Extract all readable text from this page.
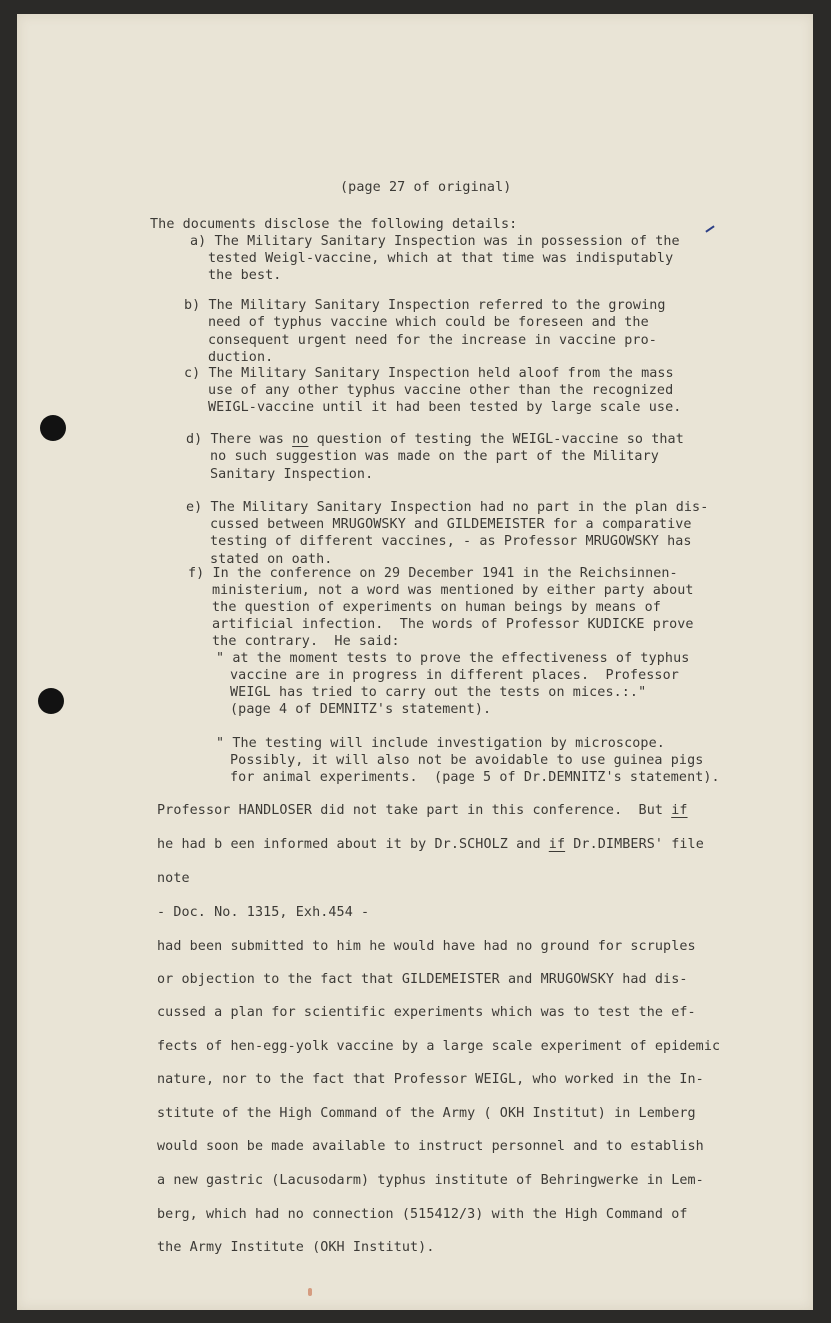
(page 27 of original)
The documents disclose the following details:
a) The Military Sanitary Inspection was in possession of the
tested Weigl-vaccine, which at that time was indisputably
the best.
b) The Military Sanitary Inspection referred to the growing
need of typhus vaccine which could be foreseen and the
consequent urgent need for the increase in vaccine pro-
duction.
c) The Military Sanitary Inspection held aloof from the mass
use of any other typhus vaccine other than the recognized
WEIGL-vaccine until it had been tested by large scale use.
d) There was no question of testing the WEIGL-vaccine so that
no such suggestion was made on the part of the Military
Sanitary Inspection.
e) The Military Sanitary Inspection had no part in the plan dis-
cussed between MRUGOWSKY and GILDEMEISTER for a comparative
testing of different vaccines, - as Professor MRUGOWSKY has
stated on oath.
f) In the conference on 29 December 1941 in the Reichsinnen-
ministerium, not a word was mentioned by either party about
the question of experiments on human beings by means of
artificial infection.  The words of Professor KUDICKE prove
the contrary.  He said:
" at the moment tests to prove the effectiveness of typhus
vaccine are in progress in different places.  Professor
WEIGL has tried to carry out the tests on mices.:."
(page 4 of DEMNITZ's statement).
" The testing will include investigation by microscope.
Possibly, it will also not be avoidable to use guinea pigs
for animal experiments.  (page 5 of Dr.DEMNITZ's statement).
Professor HANDLOSER did not take part in this conference.  But if
he had b een informed about it by Dr.SCHOLZ and if Dr.DIMBERS' file
note
- Doc. No. 1315, Exh.454 -
had been submitted to him he would have had no ground for scruples
or objection to the fact that GILDEMEISTER and MRUGOWSKY had dis-
cussed a plan for scientific experiments which was to test the ef-
fects of hen-egg-yolk vaccine by a large scale experiment of epidemic
nature, nor to the fact that Professor WEIGL, who worked in the In-
stitute of the High Command of the Army ( OKH Institut) in Lemberg
would soon be made available to instruct personnel and to establish
a new gastric (Lacusodarm) typhus institute of Behringwerke in Lem-
berg, which had no connection (515412/3) with the High Command of
the Army Institute (OKH Institut).
